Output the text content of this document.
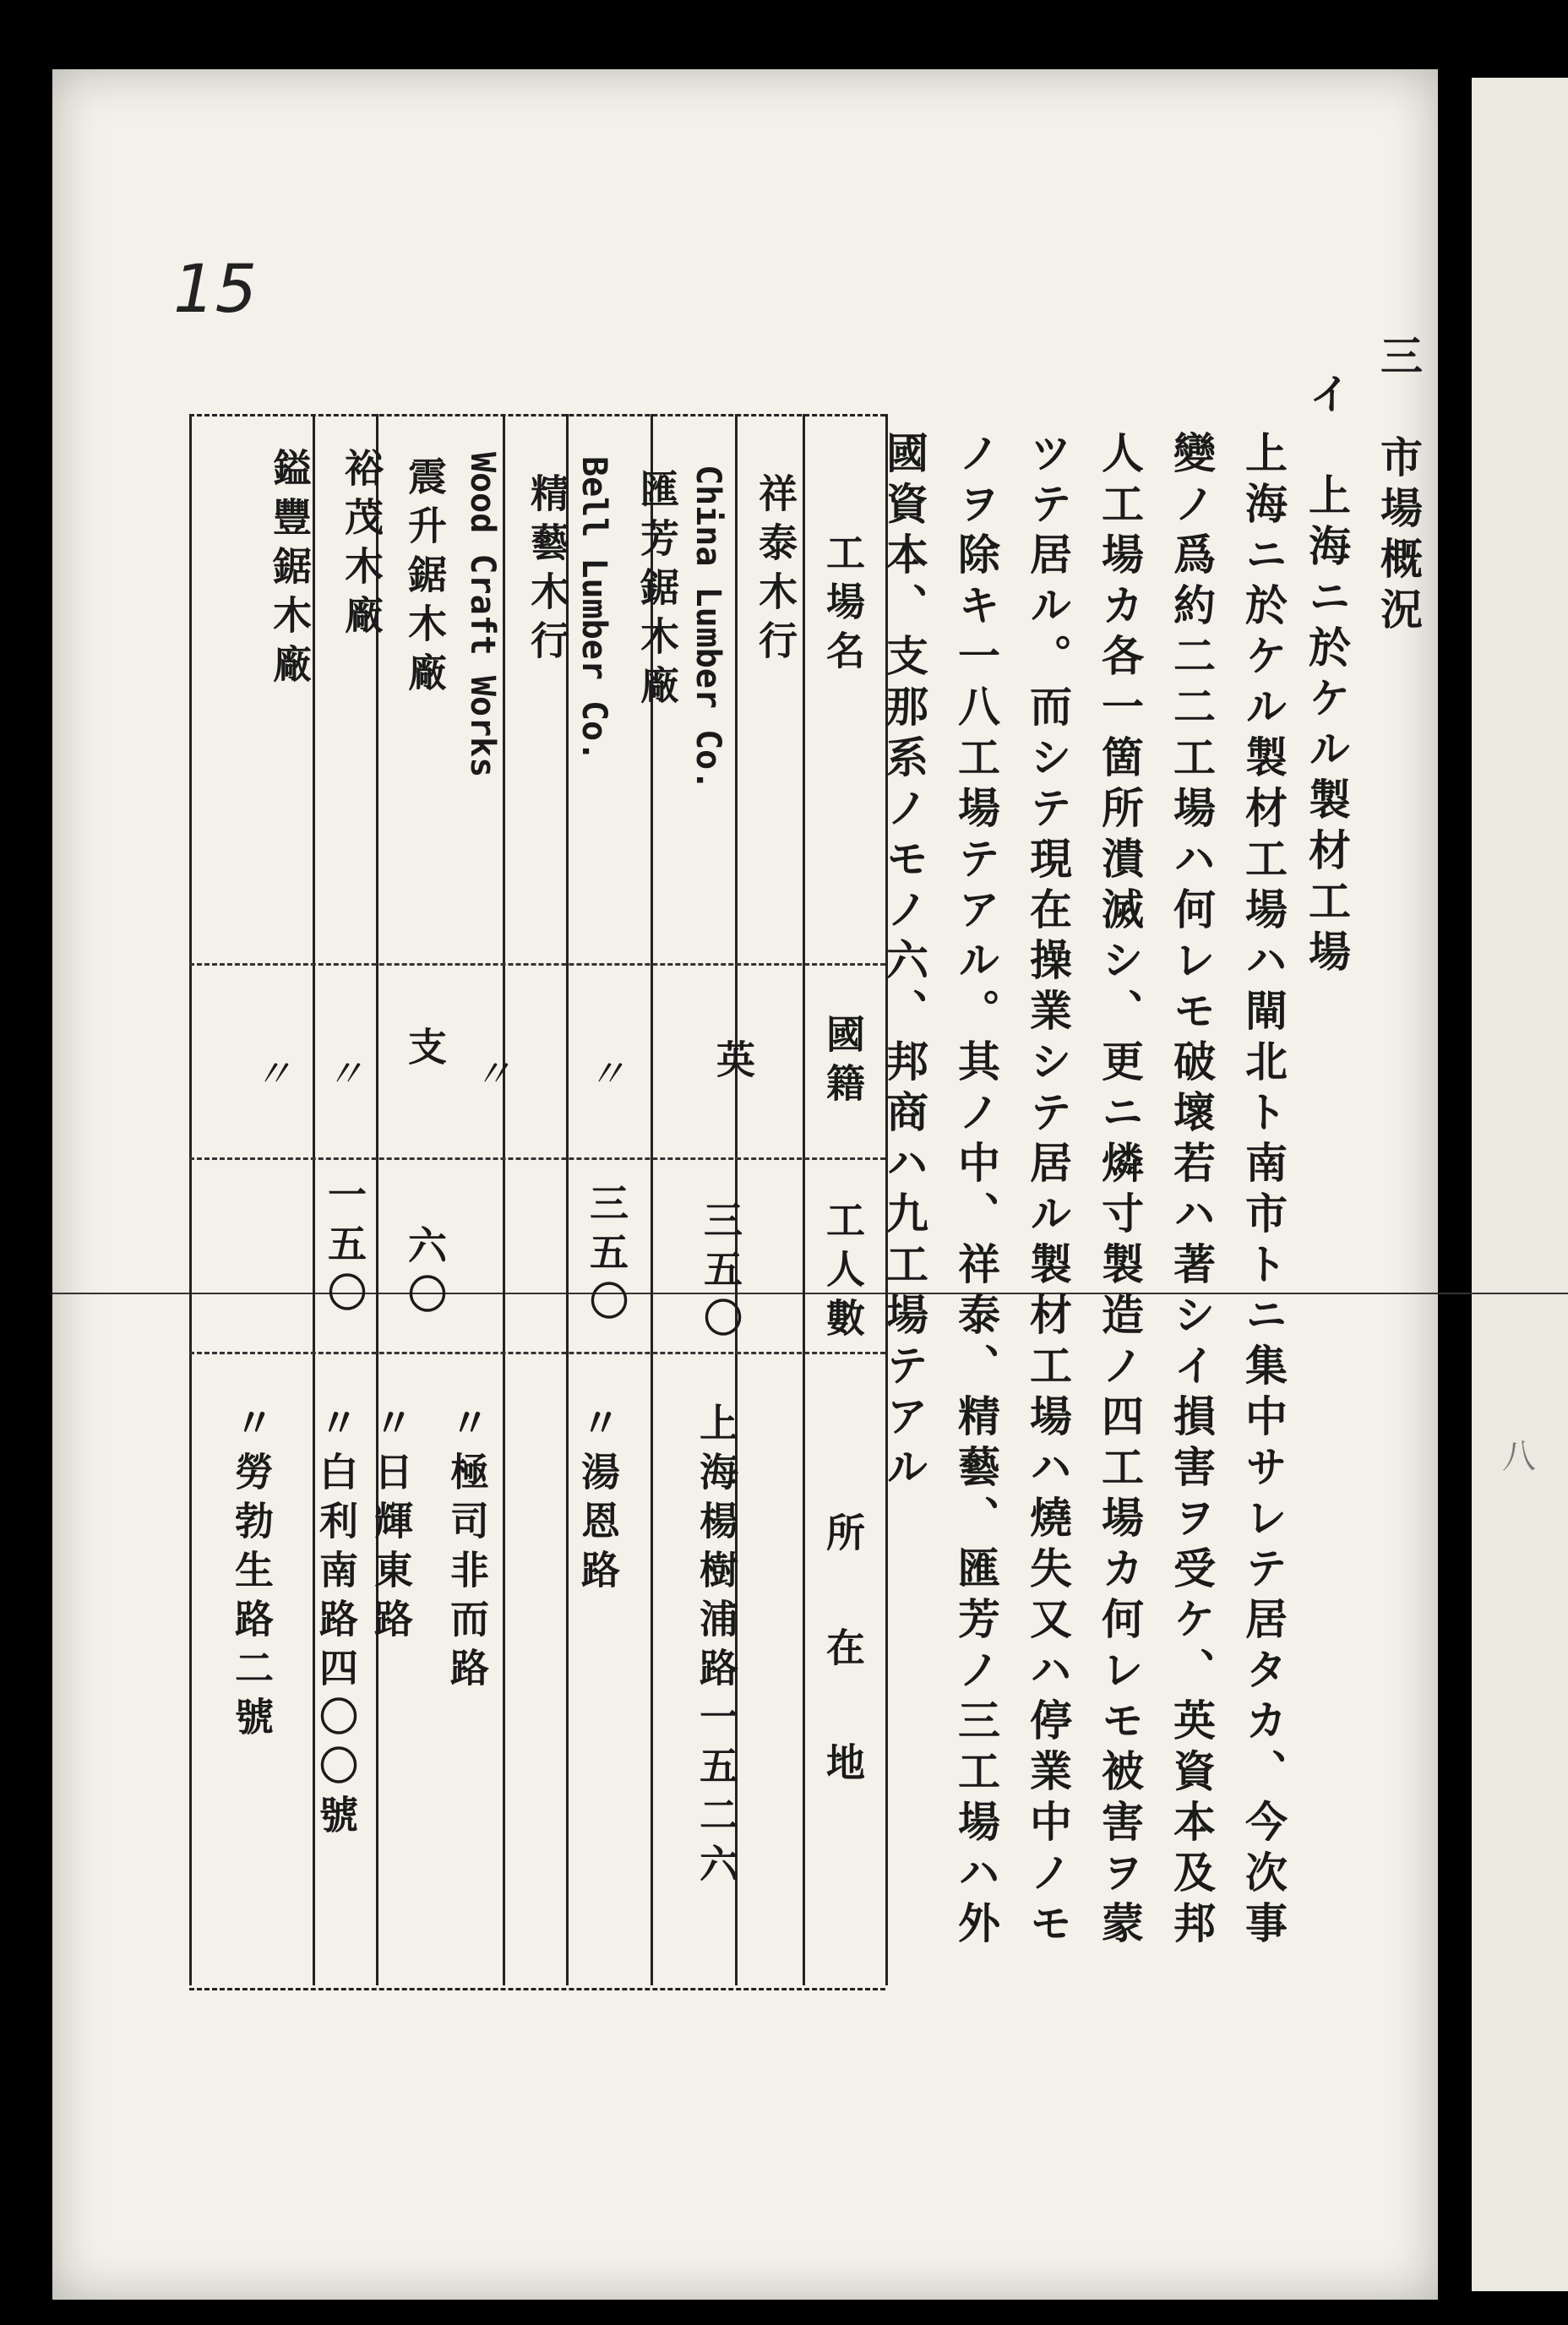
八
15
三　市場概況
イ　上海ニ於ケル製材工場
上海ニ於ケル製材工場ハ閘北ト南市トニ集中サレテ居タカ、今次事
變ノ爲約二二工場ハ何レモ破壞若ハ著シイ損害ヲ受ケ、英資本及邦
人工場カ各一箇所潰滅シ、更ニ燐寸製造ノ四工場カ何レモ被害ヲ蒙
ツテ居ル。而シテ現在操業シテ居ル製材工場ハ燒失又ハ停業中ノモ
ノヲ除キ一八工場テアル。其ノ中、祥泰、精藝、匯芳ノ三工場ハ外
國資本、支那系ノモノ六、邦商ハ九工場テアル
工場名
國籍
工人數
所在地
祥泰木行
China Lumber Co.
英
三五〇
上海楊樹浦路一五二六
匯芳鋸木廠
Bell Lumber Co.
〃
三五〇
〃湯恩路
精藝木行
Wood Craft Works
〃
〃極司非而路
震升鋸木廠
支
六〇
〃日輝東路
裕茂木廠
〃
一五〇
〃白利南路四〇〇號
鎰豐鋸木廠
〃
〃勞勃生路二號
